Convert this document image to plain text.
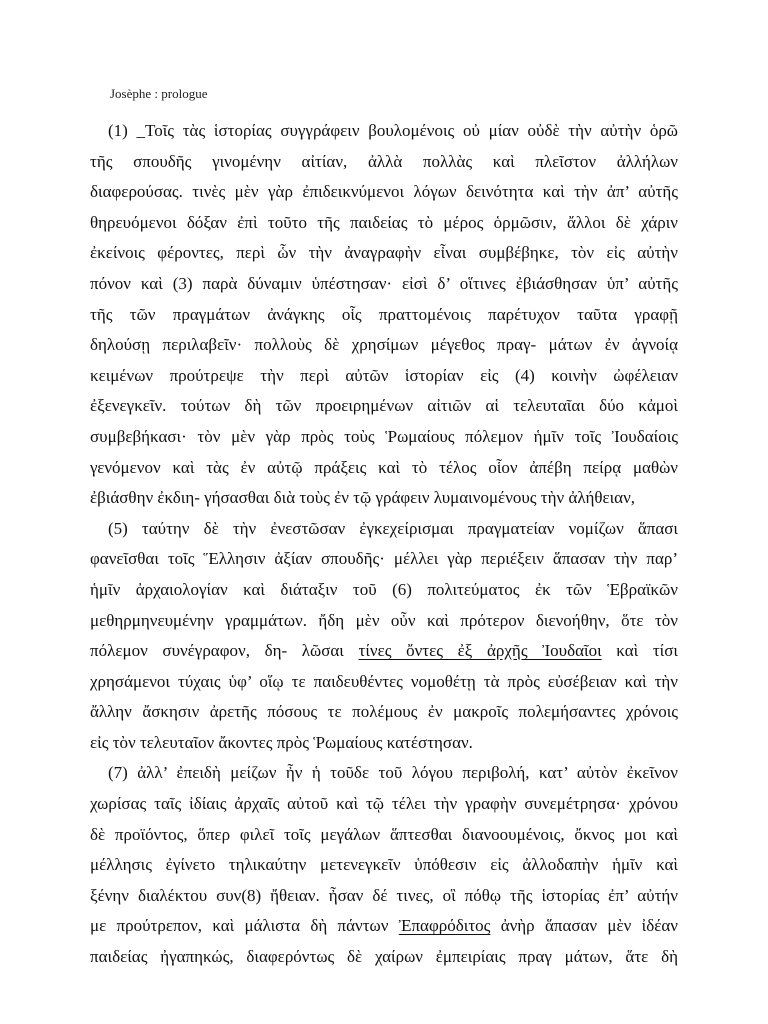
Josèphe : prologue
(1) _Τοῖς τὰς ἱστορίας συγγράφειν βουλομένοις οὐ μίαν οὐδὲ τὴν αὐτὴν ὁρῶ
τῆς σπουδῆς γινομένην αἰτίαν, ἀλλὰ πολλὰς καὶ πλεῖστον ἀλλήλων
διαφερούσας. τινὲς μὲν γὰρ ἐπιδεικνύμενοι λόγων δεινότητα καὶ τὴν ἀπ’ αὐτῆς
θηρευόμενοι δόξαν ἐπὶ τοῦτο τῆς παιδείας τὸ μέρος ὁρμῶσιν, ἄλλοι δὲ χάριν
ἐκείνοις φέροντες, περὶ ὧν τὴν ἀναγραφὴν εἶναι συμβέβηκε, τὸν εἰς αὐτὴν
πόνον καὶ (3) παρὰ δύναμιν ὑπέστησαν· εἰσὶ δ’ οἵτινες ἐβιάσθησαν ὑπ’ αὐτῆς
τῆς τῶν πραγμάτων ἀνάγκης οἷς πραττομένοις παρέτυχον ταῦτα γραφῇ
δηλούσῃ περιλαβεῖν· πολλοὺς δὲ χρησίμων μέγεθος πραγ- μάτων ἐν ἀγνοίᾳ
κειμένων προύτρεψε τὴν περὶ αὐτῶν ἱστορίαν εἰς (4) κοινὴν ὠφέλειαν
ἐξενεγκεῖν. τούτων δὴ τῶν προειρημένων αἰτιῶν αἱ τελευταῖαι δύο κἀμοὶ
συμβεβήκασι· τὸν μὲν γὰρ πρὸς τοὺς Ῥωμαίους πόλεμον ἡμῖν τοῖς Ἰουδαίοις
γενόμενον καὶ τὰς ἐν αὐτῷ πράξεις καὶ τὸ τέλος οἷον ἀπέβη πείρᾳ μαθὼν
ἐβιάσθην ἐκδιη- γήσασθαι διὰ τοὺς ἐν τῷ γράφειν λυμαινομένους τὴν ἀλήθειαν,
(5) ταύτην δὲ τὴν ἐνεστῶσαν ἐγκεχείρισμαι πραγματείαν νομίζων ἅπασι
φανεῖσθαι τοῖς Ἕλλησιν ἀξίαν σπουδῆς· μέλλει γὰρ περιέξειν ἅπασαν τὴν παρ’
ἡμῖν ἀρχαιολογίαν καὶ διάταξιν τοῦ (6) πολιτεύματος ἐκ τῶν Ἑβραϊκῶν
μεθηρμηνευμένην γραμμάτων. ἤδη μὲν οὖν καὶ πρότερον διενοήθην, ὅτε τὸν
πόλεμον συνέγραφον, δη- λῶσαι τίνες ὄντες ἐξ ἀρχῆς Ἰουδαῖοι καὶ τίσι
χρησάμενοι τύχαις ὑφ’ οἵῳ τε παιδευθέντες νομοθέτῃ τὰ πρὸς εὐσέβειαν καὶ τὴν
ἄλλην ἄσκησιν ἀρετῆς πόσους τε πολέμους ἐν μακροῖς πολεμήσαντες χρόνοις
εἰς τὸν τελευταῖον ἄκοντες πρὸς Ῥωμαίους κατέστησαν.
(7) ἀλλ’ ἐπειδὴ μείζων ἦν ἡ τοῦδε τοῦ λόγου περιβολή, κατ’ αὐτὸν ἐκεῖνον
χωρίσας ταῖς ἰδίαις ἀρχαῖς αὐτοῦ καὶ τῷ τέλει τὴν γραφὴν συνεμέτρησα· χρόνου
δὲ προϊόντος, ὅπερ φιλεῖ τοῖς μεγάλων ἅπτεσθαι διανοουμένοις, ὄκνος μοι καὶ
μέλλησις ἐγίνετο τηλικαύτην μετενεγκεῖν ὑπόθεσιν εἰς ἀλλοδαπὴν ἡμῖν καὶ
ξένην διαλέκτου συν(8) ἤθειαν. ἦσαν δέ τινες, οἳ πόθῳ τῆς ἱστορίας ἐπ’ αὐτήν
με προύτρεπον, καὶ μάλιστα δὴ πάντων Ἐπαφρόδιτος ἀνὴρ ἅπασαν μὲν ἰδέαν
παιδείας ἠγαπηκώς, διαφερόντως δὲ χαίρων ἐμπειρίαις πραγ μάτων, ἅτε δὴ
